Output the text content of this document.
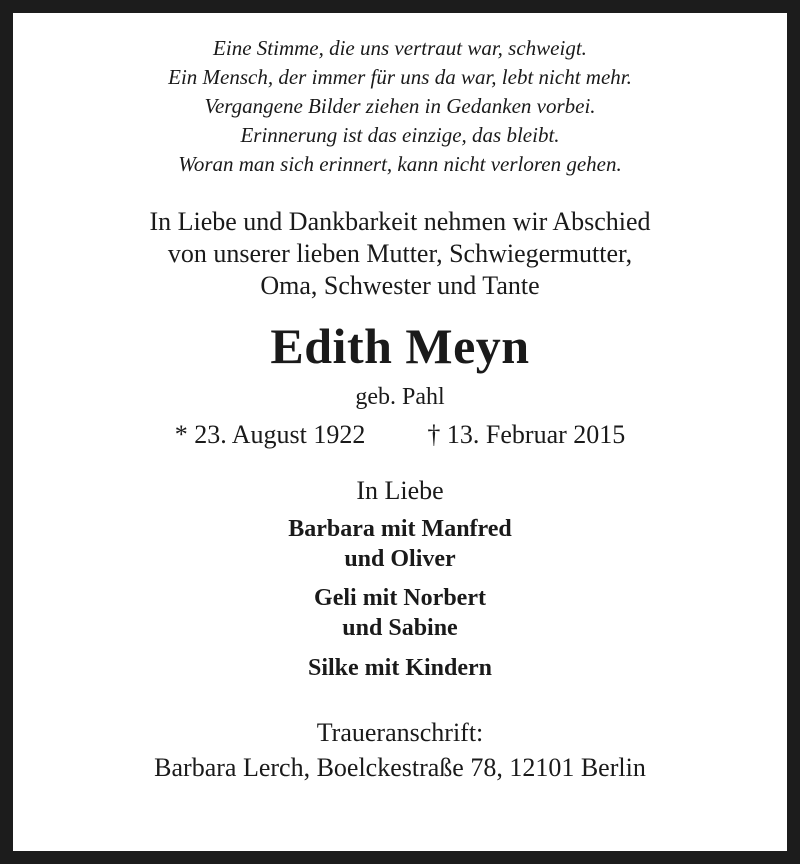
Eine Stimme, die uns vertraut war, schweigt.
Ein Mensch, der immer für uns da war, lebt nicht mehr.
Vergangene Bilder ziehen in Gedanken vorbei.
Erinnerung ist das einzige, das bleibt.
Woran man sich erinnert, kann nicht verloren gehen.
In Liebe und Dankbarkeit nehmen wir Abschied
von unserer lieben Mutter, Schwiegermutter,
Oma, Schwester und Tante
Edith Meyn
geb. Pahl
* 23. August 1922 † 13. Februar 2015
In Liebe
Barbara mit Manfred
und Oliver
Geli mit Norbert
und Sabine
Silke mit Kindern
Traueranschrift:
Barbara Lerch, Boelckestraße 78, 12101 Berlin
